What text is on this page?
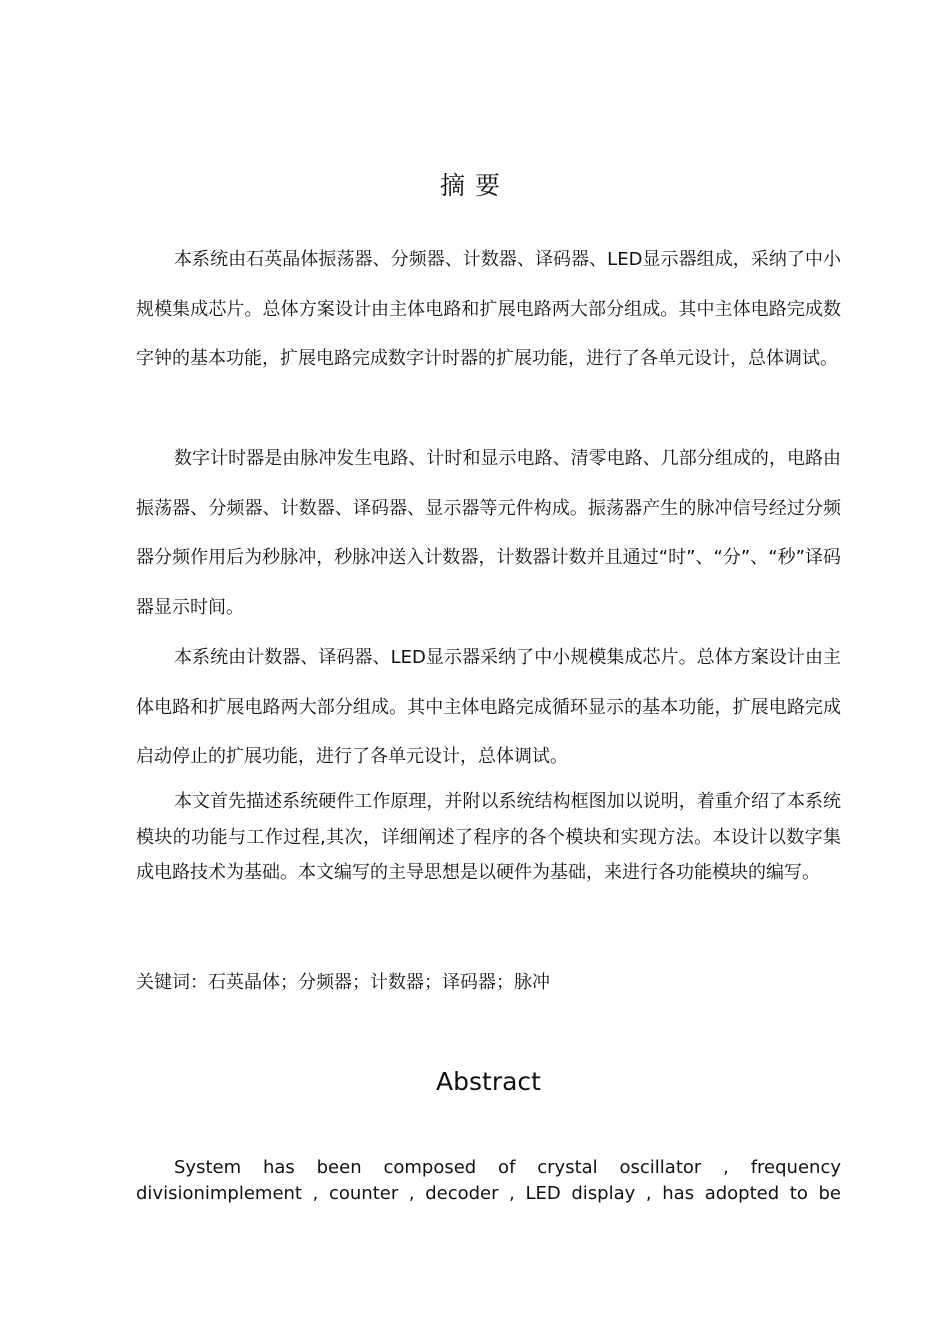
摘要

本系统由石英晶体振荡器、分频器、计数器、译码器、LED显示器组成，采纳了中小规模集成芯片。总体方案设计由主体电路和扩展电路两大部分组成。其中主体电路完成数字钟的基本功能，扩展电路完成数字计时器的扩展功能，进行了各单元设计，总体调试。

数字计时器是由脉冲发生电路、计时和显示电路、清零电路、几部分组成的，电路由振荡器、分频器、计数器、译码器、显示器等元件构成。振荡器产生的脉冲信号经过分频器分频作用后为秒脉冲，秒脉冲送入计数器，计数器计数并且通过“时”、“分”、“秒”译码器显示时间。

本系统由计数器、译码器、LED显示器采纳了中小规模集成芯片。总体方案设计由主体电路和扩展电路两大部分组成。其中主体电路完成循环显示的基本功能，扩展电路完成启动停止的扩展功能，进行了各单元设计，总体调试。

本文首先描述系统硬件工作原理，并附以系统结构框图加以说明，着重介绍了本系统模块的功能与工作过程,其次，详细阐述了程序的各个模块和实现方法。本设计以数字集成电路技术为基础。本文编写的主导思想是以硬件为基础，来进行各功能模块的编写。

关键词：石英晶体；分频器；计数器；译码器；脉冲
Abstract
System has been composed of crystal oscillator , frequency
divisionimplement , counter , decoder , LED display , has adopted to be
